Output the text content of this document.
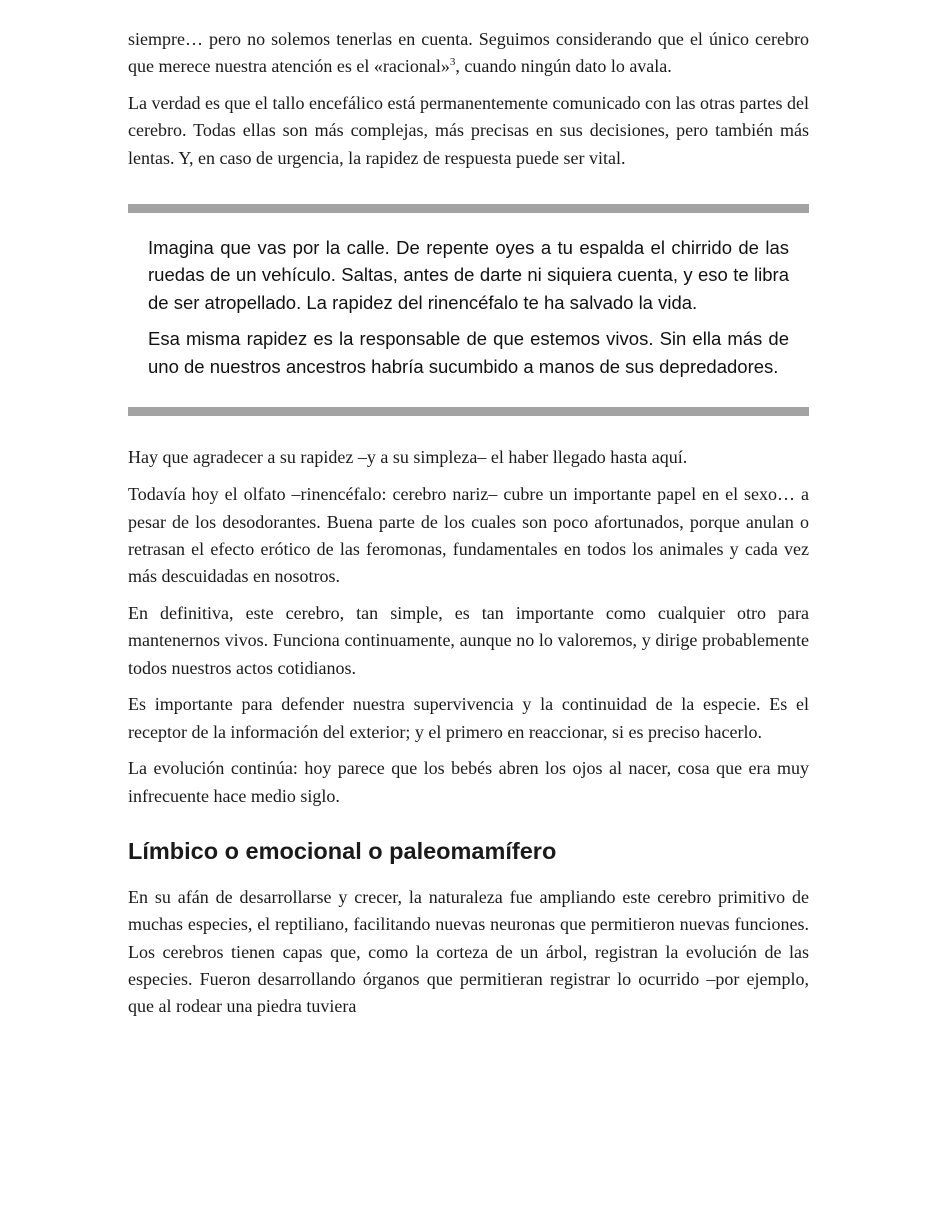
siempre… pero no solemos tenerlas en cuenta. Seguimos considerando que el único cerebro que merece nuestra atención es el «racional»$^3$, cuando ningún dato lo avala.

La verdad es que el tallo encefálico está permanentemente comunicado con las otras partes del cerebro. Todas ellas son más complejas, más precisas en sus decisiones, pero también más lentas. Y, en caso de urgencia, la rapidez de respuesta puede ser vital.

Imagina que vas por la calle. De repente oyes a tu espalda el chirrido de las ruedas de un vehículo. Saltas, antes de darte ni siquiera cuenta, y eso te libra de ser atropellado. La rapidez del rinencéfalo te ha salvado la vida.

Esa misma rapidez es la responsable de que estemos vivos. Sin ella más de uno de nuestros ancestros habría sucumbido a manos de sus depredadores.

Hay que agradecer a su rapidez –y a su simpleza– el haber llegado hasta aquí.

Todavía hoy el olfato –rinencéfalo: cerebro nariz– cubre un importante papel en el sexo… a pesar de los desodorantes. Buena parte de los cuales son poco afortunados, porque anulan o retrasan el efecto erótico de las feromonas, fundamentales en todos los animales y cada vez más descuidadas en nosotros.

En definitiva, este cerebro, tan simple, es tan importante como cualquier otro para mantenernos vivos. Funciona continuamente, aunque no lo valoremos, y dirige probablemente todos nuestros actos cotidianos.

Es importante para defender nuestra supervivencia y la continuidad de la especie. Es el receptor de la información del exterior; y el primero en reaccionar, si es preciso hacerlo.

La evolución continúa: hoy parece que los bebés abren los ojos al nacer, cosa que era muy infrecuente hace medio siglo.

Límbico o emocional o paleomamífero

En su afán de desarrollarse y crecer, la naturaleza fue ampliando este cerebro primitivo de muchas especies, el reptiliano, facilitando nuevas neuronas que permitieron nuevas funciones. Los cerebros tienen capas que, como la corteza de un árbol, registran la evolución de las especies. Fueron desarrollando órganos que permitieran registrar lo ocurrido –por ejemplo, que al rodear una piedra tuviera
